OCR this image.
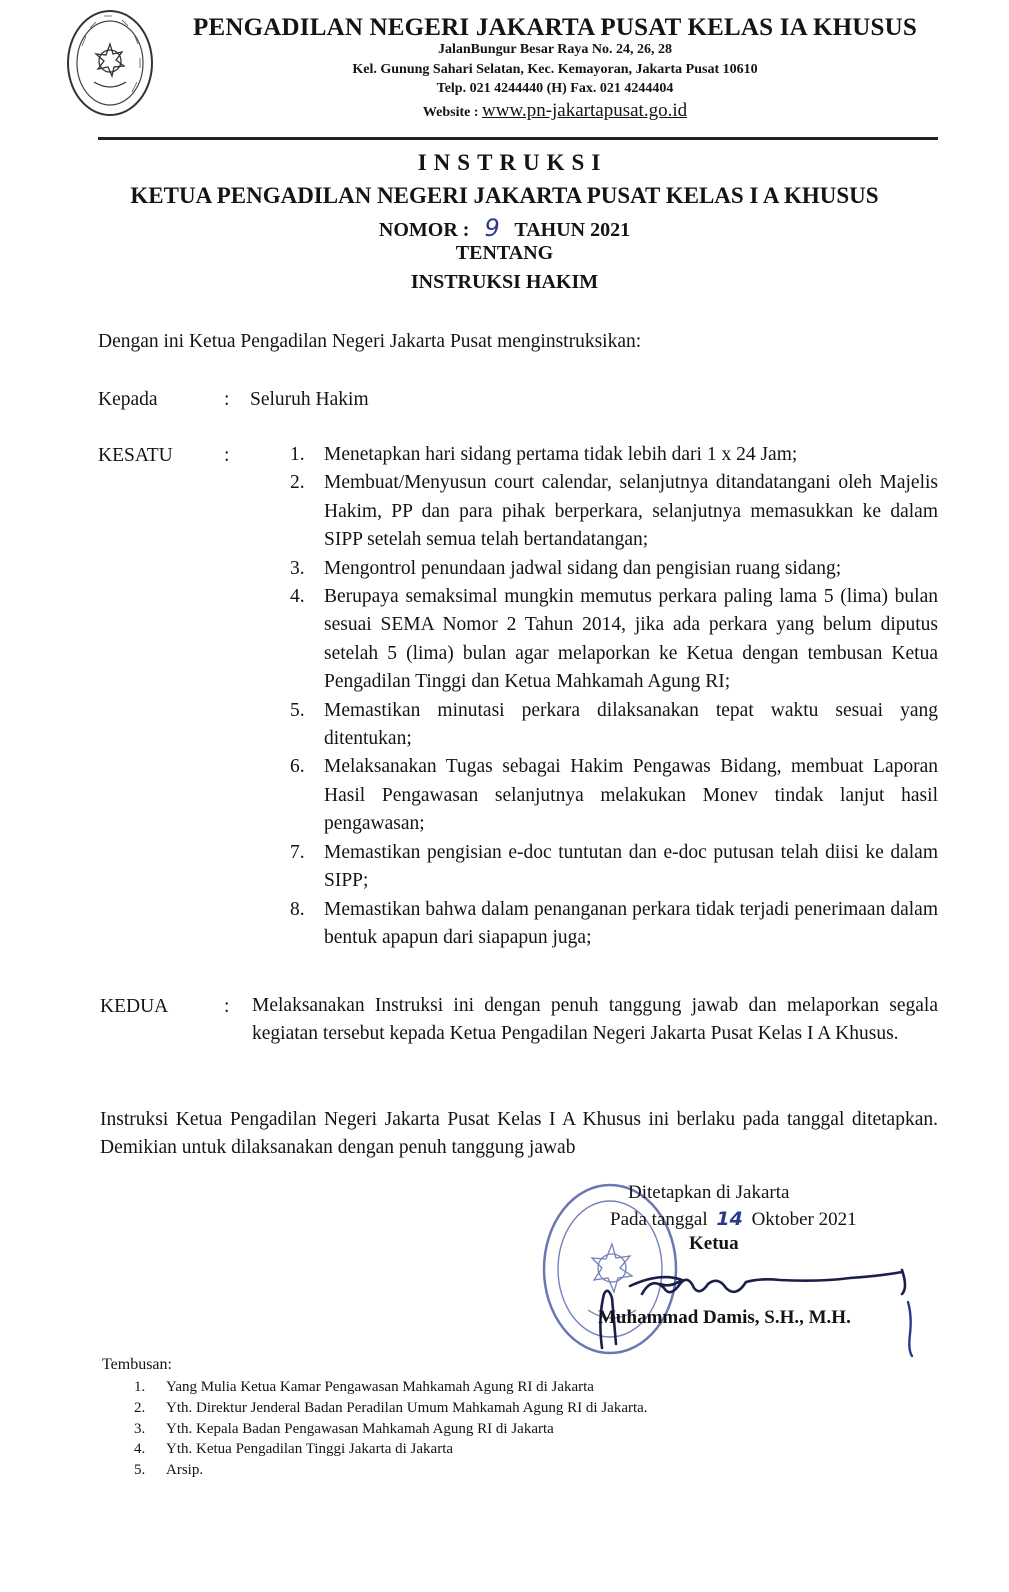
PENGADILAN NEGERI JAKARTA PUSAT KELAS IA KHUSUS
JalanBungur Besar Raya No. 24, 26, 28
Kel. Gunung Sahari Selatan, Kec. Kemayoran, Jakarta Pusat 10610
Telp. 021 4244440 (H) Fax. 021 4244404
Website : www.pn-jakartapusat.go.id
INSTRUKSI
KETUA PENGADILAN NEGERI JAKARTA PUSAT KELAS I A KHUSUS
NOMOR : 9 TAHUN 2021
TENTANG
INSTRUKSI HAKIM
Dengan ini Ketua Pengadilan Negeri Jakarta Pusat menginstruksikan:
Kepada	: Seluruh Hakim
KESATU	:	1. Menetapkan hari sidang pertama tidak lebih dari 1 x 24 Jam;
2. Membuat/Menyusun court calendar, selanjutnya ditandatangani oleh Majelis Hakim, PP dan para pihak berperkara, selanjutnya memasukkan ke dalam SIPP setelah semua telah bertandatangan;
3. Mengontrol penundaan jadwal sidang dan pengisian ruang sidang;
4. Berupaya semaksimal mungkin memutus perkara paling lama 5 (lima) bulan sesuai SEMA Nomor 2 Tahun 2014, jika ada perkara yang belum diputus setelah 5 (lima) bulan agar melaporkan ke Ketua dengan tembusan Ketua Pengadilan Tinggi dan Ketua Mahkamah Agung RI;
5. Memastikan minutasi perkara dilaksanakan tepat waktu sesuai yang ditentukan;
6. Melaksanakan Tugas sebagai Hakim Pengawas Bidang, membuat Laporan Hasil Pengawasan selanjutnya melakukan Monev tindak lanjut hasil pengawasan;
7. Memastikan pengisian e-doc tuntutan dan e-doc putusan telah diisi ke dalam SIPP;
8. Memastikan bahwa dalam penanganan perkara tidak terjadi penerimaan dalam bentuk apapun dari siapapun juga;
KEDUA	: Melaksanakan Instruksi ini dengan penuh tanggung jawab dan melaporkan segala kegiatan tersebut kepada Ketua Pengadilan Negeri Jakarta Pusat Kelas I A Khusus.
Instruksi Ketua Pengadilan Negeri Jakarta Pusat Kelas I A Khusus ini berlaku pada tanggal ditetapkan. Demikian untuk dilaksanakan dengan penuh tanggung jawab
Ditetapkan di Jakarta
Pada tanggal 14 Oktober 2021
Ketua
Muhammad Damis, S.H., M.H.
Tembusan:
1.	Yang Mulia Ketua Kamar Pengawasan Mahkamah Agung RI di Jakarta
2.	Yth. Direktur Jenderal Badan Peradilan Umum Mahkamah Agung RI di Jakarta.
3.	Yth. Kepala Badan Pengawasan Mahkamah Agung RI di Jakarta
4.	Yth. Ketua Pengadilan Tinggi Jakarta di Jakarta
5.	Arsip.
